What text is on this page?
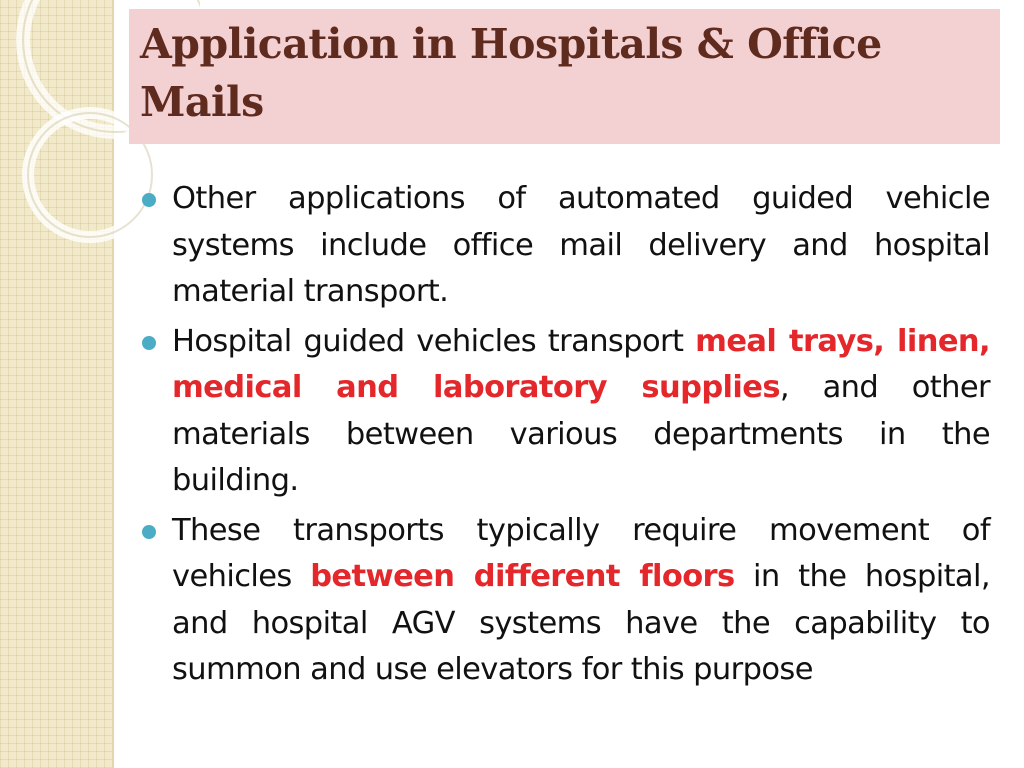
Application in Hospitals & Office Mails
Other applications of automated guided vehicle systems include office mail delivery and hospital material transport.
Hospital guided vehicles transport meal trays, linen, medical and laboratory supplies, and other materials between various departments in the building.
These transports typically require movement of vehicles between different floors in the hospital, and hospital AGV systems have the capability to summon and use elevators for this purpose
